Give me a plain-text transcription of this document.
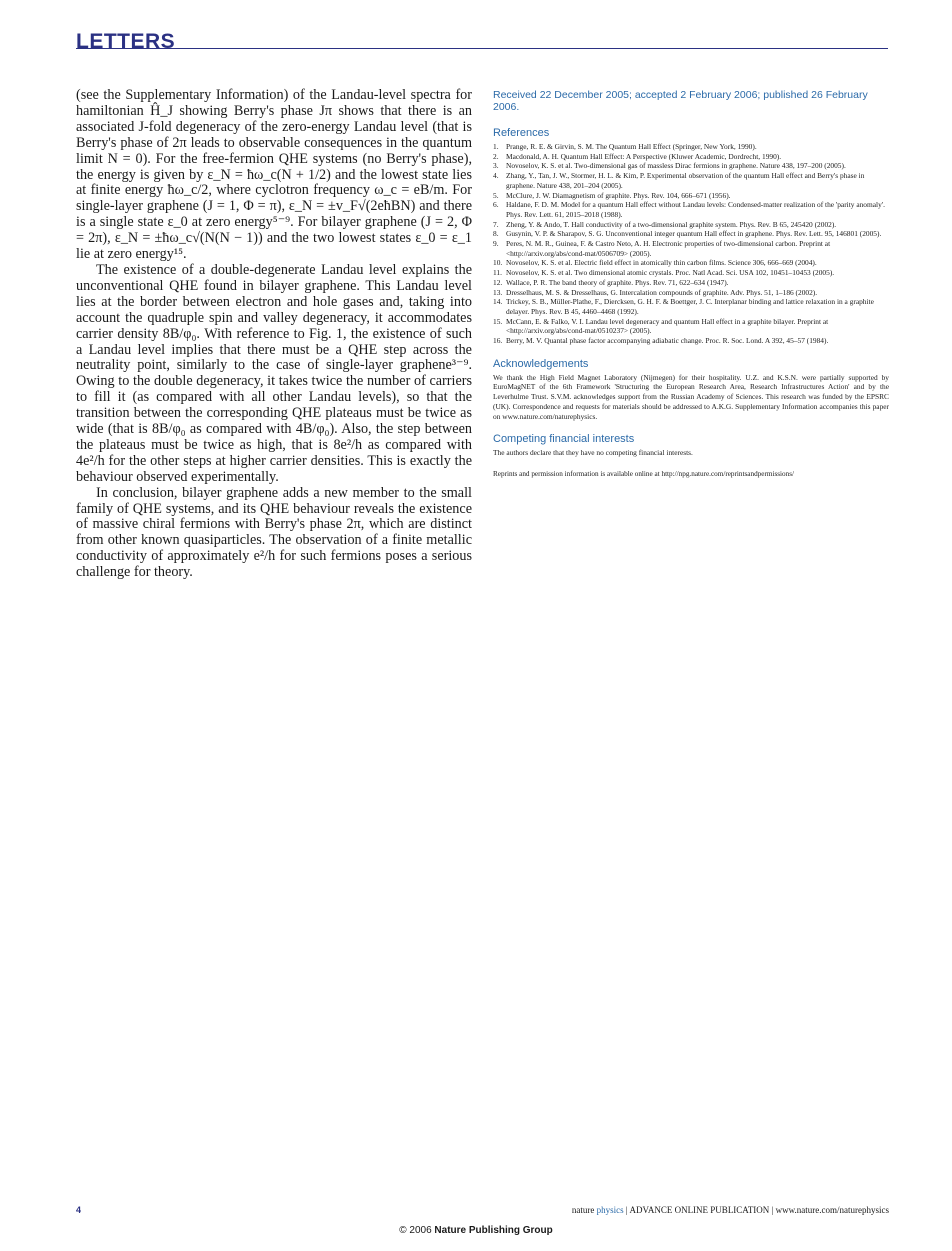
LETTERS

(see the Supplementary Information) of the Landau-level spectra for hamiltonian Ĥ_J showing Berry's phase Jπ shows that there is an associated J-fold degeneracy of the zero-energy Landau level (that is Berry's phase of 2π leads to observable consequences in the quantum limit N = 0). For the free-fermion QHE systems (no Berry's phase), the energy is given by ε_N = ħω_c(N + 1/2) and the lowest state lies at finite energy ħω_c/2, where cyclotron frequency ω_c = eB/m. For single-layer graphene (J = 1, Φ = π), ε_N = ±v_F√(2eħBN) and there is a single state ε_0 at zero energy⁵⁻⁹. For bilayer graphene (J = 2, Φ = 2π), ε_N = ±ħω_c√(N(N − 1)) and the two lowest states ε_0 = ε_1 lie at zero energy¹⁵.

The existence of a double-degenerate Landau level explains the unconventional QHE found in bilayer graphene. This Landau level lies at the border between electron and hole gases and, taking into account the quadruple spin and valley degeneracy, it accommodates carrier density 8B/φ₀. With reference to Fig. 1, the existence of such a Landau level implies that there must be a QHE step across the neutrality point, similarly to the case of single-layer graphene³⁻⁹. Owing to the double degeneracy, it takes twice the number of carriers to fill it (as compared with all other Landau levels), so that the transition between the corresponding QHE plateaus must be twice as wide (that is 8B/φ₀ as compared with 4B/φ₀). Also, the step between the plateaus must be twice as high, that is 8e²/h as compared with 4e²/h for the other steps at higher carrier densities. This is exactly the behaviour observed experimentally.

In conclusion, bilayer graphene adds a new member to the small family of QHE systems, and its QHE behaviour reveals the existence of massive chiral fermions with Berry's phase 2π, which are distinct from other known quasiparticles. The observation of a finite metallic conductivity of approximately e²/h for such fermions poses a serious challenge for theory.

Received 22 December 2005; accepted 2 February 2006; published 26 February 2006.
References
1. Prange, R. E. & Girvin, S. M. The Quantum Hall Effect (Springer, New York, 1990).
2. Macdonald, A. H. Quantum Hall Effect: A Perspective (Kluwer Academic, Dordrecht, 1990).
3. Novoselov, K. S. et al. Two-dimensional gas of massless Dirac fermions in graphene. Nature 438, 197–200 (2005).
4. Zhang, Y., Tan, J. W., Stormer, H. L. & Kim, P. Experimental observation of the quantum Hall effect and Berry's phase in graphene. Nature 438, 201–204 (2005).
5. McClure, J. W. Diamagnetism of graphite. Phys. Rev. 104, 666–671 (1956).
6. Haldane, F. D. M. Model for a quantum Hall effect without Landau levels: Condensed-matter realization of the 'parity anomaly'. Phys. Rev. Lett. 61, 2015–2018 (1988).
7. Zheng, Y. & Ando, T. Hall conductivity of a two-dimensional graphite system. Phys. Rev. B 65, 245420 (2002).
8. Gusynin, V. P. & Sharapov, S. G. Unconventional integer quantum Hall effect in graphene. Phys. Rev. Lett. 95, 146801 (2005).
9. Peres, N. M. R., Guinea, F. & Castro Neto, A. H. Electronic properties of two-dimensional carbon. Preprint at <http://arxiv.org/abs/cond-mat/0506709> (2005).
10. Novoselov, K. S. et al. Electric field effect in atomically thin carbon films. Science 306, 666–669 (2004).
11. Novoselov, K. S. et al. Two dimensional atomic crystals. Proc. Natl Acad. Sci. USA 102, 10451–10453 (2005).
12. Wallace, P. R. The band theory of graphite. Phys. Rev. 71, 622–634 (1947).
13. Dresselhaus, M. S. & Dresselhaus, G. Intercalation compounds of graphite. Adv. Phys. 51, 1–186 (2002).
14. Trickey, S. B., Müller-Plathe, F., Diercksen, G. H. F. & Boettger, J. C. Interplanar binding and lattice relaxation in a graphite delayer. Phys. Rev. B 45, 4460–4468 (1992).
15. McCann, E. & Falko, V. I. Landau level degeneracy and quantum Hall effect in a graphite bilayer. Preprint at <http://arxiv.org/abs/cond-mat/0510237> (2005).
16. Berry, M. V. Quantal phase factor accompanying adiabatic change. Proc. R. Soc. Lond. A 392, 45–57 (1984).
Acknowledgements

We thank the High Field Magnet Laboratory (Nijmegen) for their hospitality. U.Z. and K.S.N. were partially supported by EuroMagNET of the 6th Framework 'Structuring the European Research Area, Research Infrastructures Action' and by the Leverhulme Trust. S.V.M. acknowledges support from the Russian Academy of Sciences. This research was funded by the EPSRC (UK). Correspondence and requests for materials should be addressed to A.K.G. Supplementary Information accompanies this paper on www.nature.com/naturephysics.

Competing financial interests

The authors declare that they have no competing financial interests.

Reprints and permission information is available online at http://npg.nature.com/reprintsandpermissions/

4	nature physics | ADVANCE ONLINE PUBLICATION | www.nature.com/naturephysics
© 2006 Nature Publishing Group
